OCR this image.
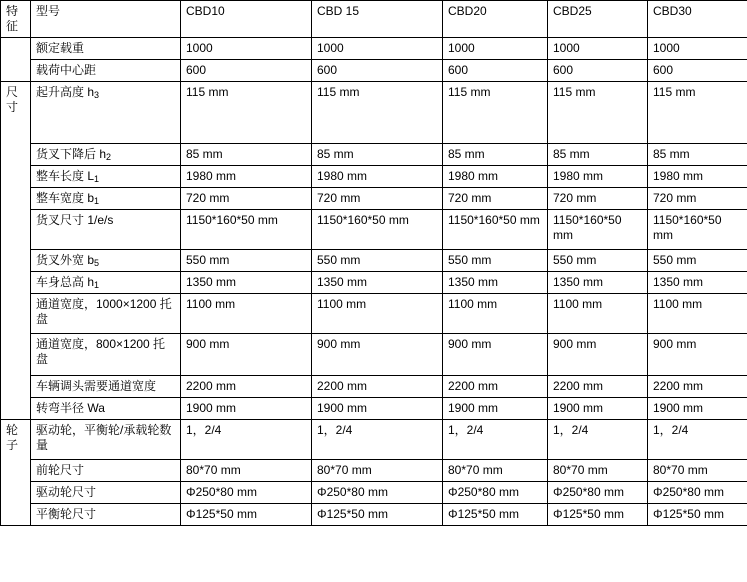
特征	型号	CBD10	CBD 15	CBD20	CBD25	CBD30
	额定载重	1000	1000	1000	1000	1000
	载荷中心距	600	600	600	600	600
尺寸	起升高度 h3	115 mm	115 mm	115 mm	115 mm	115 mm
	货叉下降后 h2	85 mm	85 mm	85 mm	85 mm	85 mm
	整车长度 L1	1980 mm	1980 mm	1980 mm	1980 mm	1980 mm
	整车宽度 b1	720 mm	720 mm	720 mm	720 mm	720 mm
	货叉尺寸 1/e/s	1150*160*50 mm	1150*160*50 mm	1150*160*50 mm	1150*160*50 mm	1150*160*50 mm
	货叉外宽 b5	550 mm	550 mm	550 mm	550 mm	550 mm
	车身总高 h1	1350 mm	1350 mm	1350 mm	1350 mm	1350 mm
	通道宽度，1000×1200 托盘	1100 mm	1100 mm	1100 mm	1100 mm	1100 mm
	通道宽度，800×1200 托盘	900 mm	900 mm	900 mm	900 mm	900 mm
	车辆调头需要通道宽度	2200 mm	2200 mm	2200 mm	2200 mm	2200 mm
	转弯半径 Wa	1900 mm	1900 mm	1900 mm	1900 mm	1900 mm
轮子	驱动轮，平衡轮/承载轮数量	1，2/4	1，2/4	1，2/4	1，2/4	1，2/4
	前轮尺寸	80*70 mm	80*70 mm	80*70 mm	80*70 mm	80*70 mm
	驱动轮尺寸	Φ250*80 mm	Φ250*80 mm	Φ250*80 mm	Φ250*80 mm	Φ250*80 mm
	平衡轮尺寸	Φ125*50 mm	Φ125*50 mm	Φ125*50 mm	Φ125*50 mm	Φ125*50 mm
